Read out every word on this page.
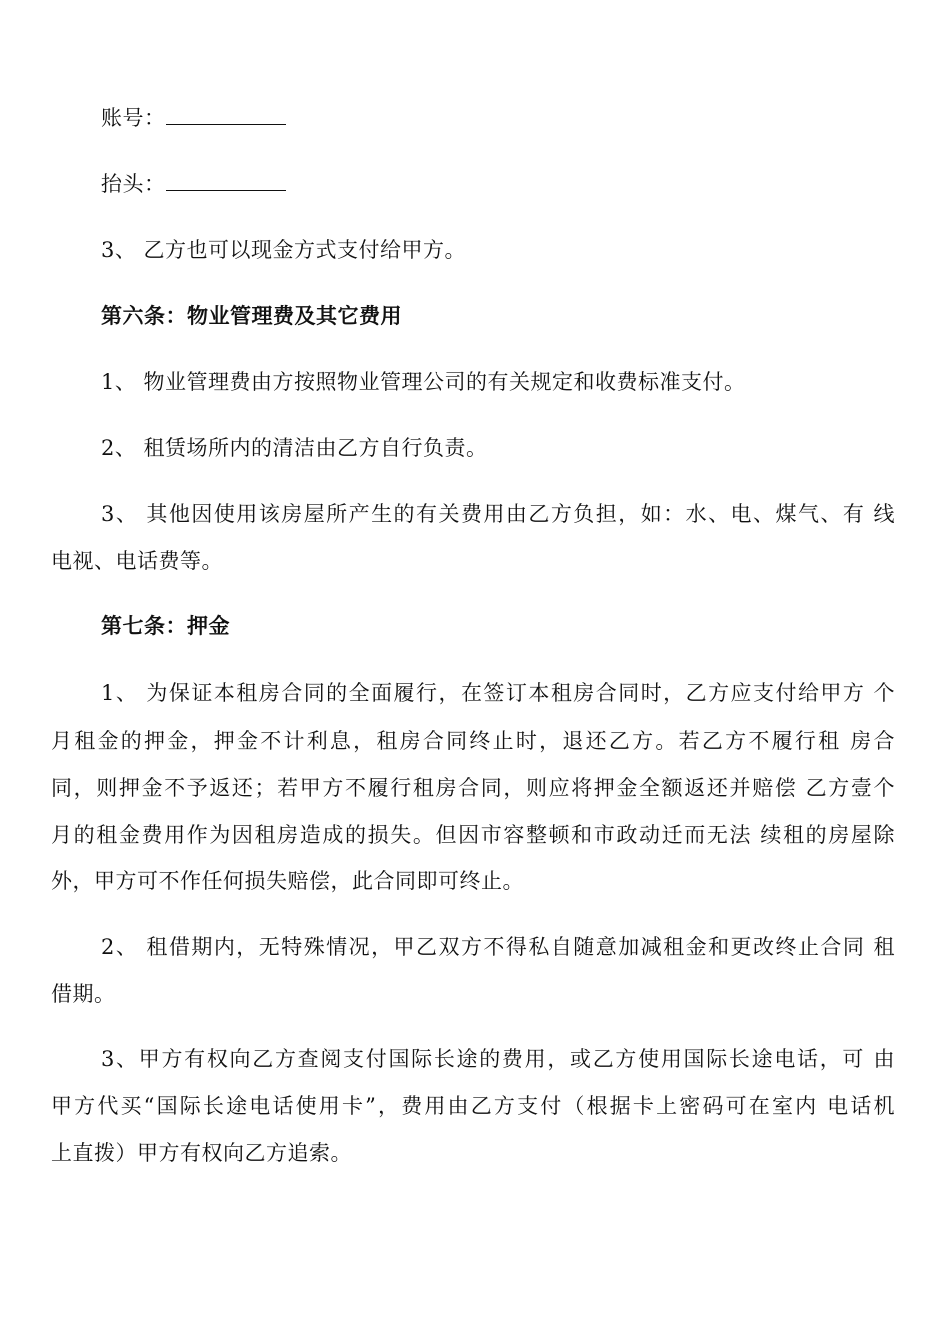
账号：
抬头：
3、 乙方也可以现金方式支付给甲方。
第六条：物业管理费及其它费用
1、 物业管理费由方按照物业管理公司的有关规定和收费标准支付。
2、 租赁场所内的清洁由乙方自行负责。
3、 其他因使用该房屋所产生的有关费用由乙方负担，如：水、电、煤气、有 线
电视、电话费等。
第七条：押金
1、 为保证本租房合同的全面履行，在签订本租房合同时，乙方应支付给甲方 个
月租金的押金，押金不计利息，租房合同终止时，退还乙方。若乙方不履行租 房合
同，则押金不予返还；若甲方不履行租房合同，则应将押金全额返还并赔偿 乙方壹个
月的租金费用作为因租房造成的损失。但因市容整顿和市政动迁而无法 续租的房屋除
外，甲方可不作任何损失赔偿，此合同即可终止。
2、 租借期内，无特殊情况，甲乙双方不得私自随意加减租金和更改终止合同 租
借期。
3、甲方有权向乙方查阅支付国际长途的费用，或乙方使用国际长途电话，可 由
甲方代买“国际长途电话使用卡”，费用由乙方支付（根据卡上密码可在室内 电话机
上直拨）甲方有权向乙方追索。
